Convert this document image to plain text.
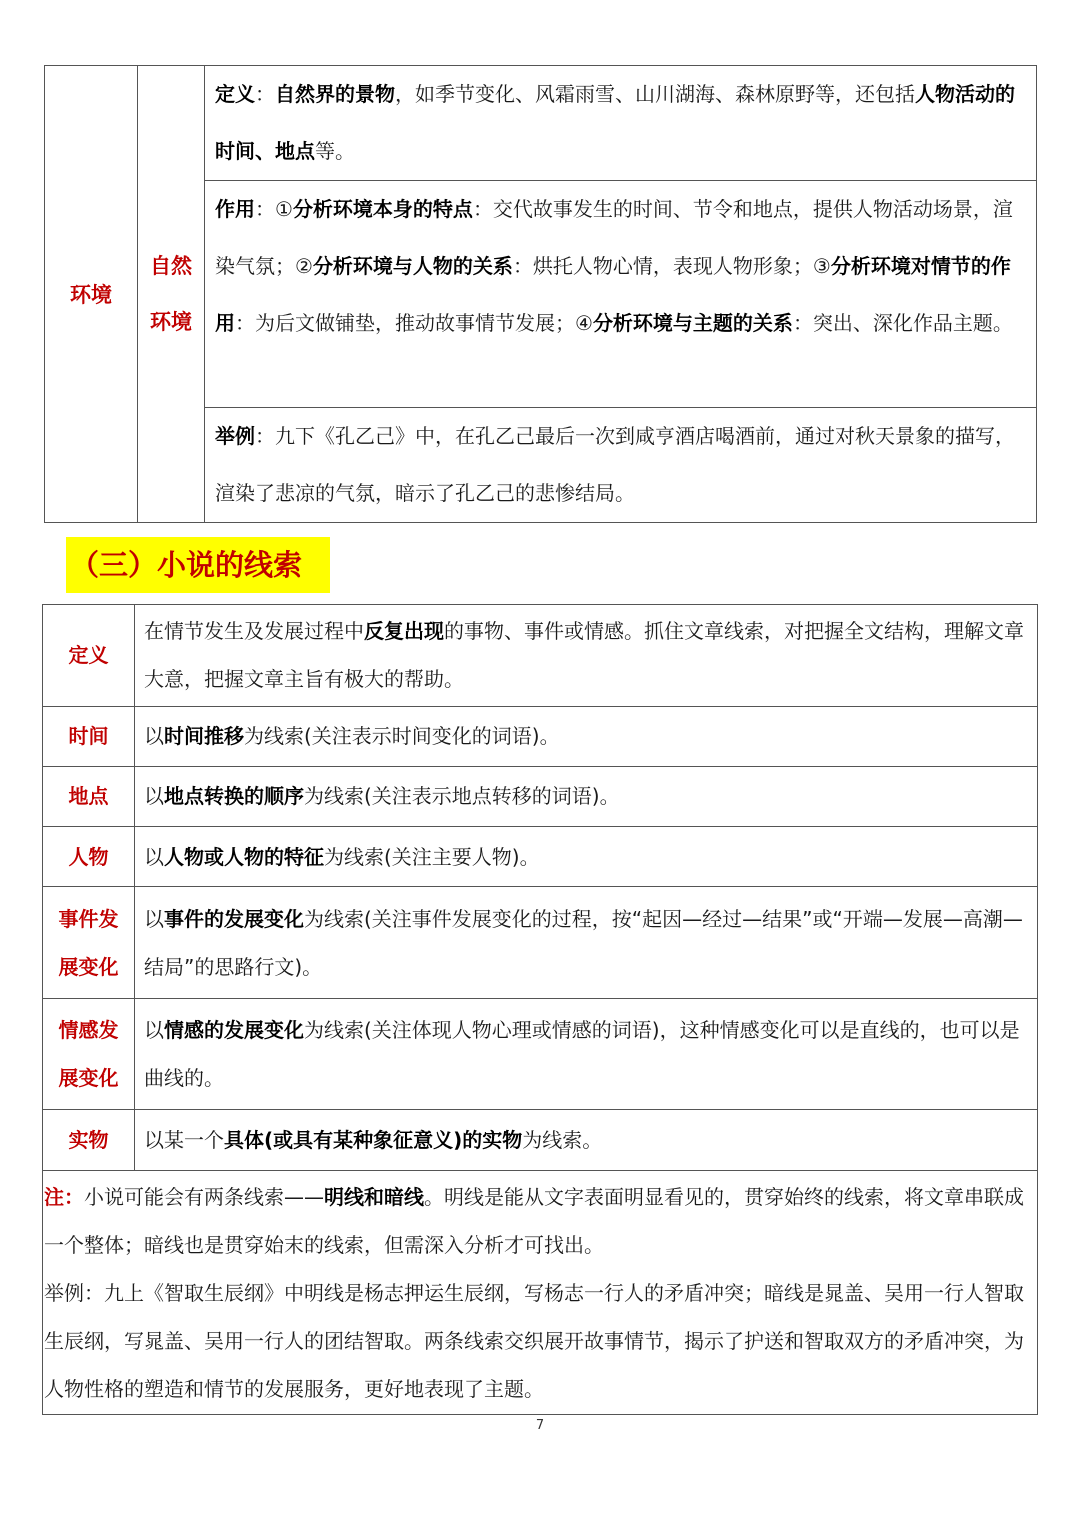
环境	自然环境	定义：自然界的景物，如季节变化、风霜雨雪、山川湖海、森林原野等，还包括人物活动的时间、地点等。
作用：①分析环境本身的特点：交代故事发生的时间、节令和地点，提供人物活动场景，渲染气氛；②分析环境与人物的关系：烘托人物心情，表现人物形象；③分析环境对情节的作用：为后文做铺垫，推动故事情节发展；④分析环境与主题的关系：突出、深化作品主题。
举例：九下《孔乙己》中，在孔乙己最后一次到咸亨酒店喝酒前，通过对秋天景象的描写，渲染了悲凉的气氛，暗示了孔乙己的悲惨结局。
（三）小说的线索
定义	在情节发生及发展过程中反复出现的事物、事件或情感。抓住文章线索，对把握全文结构，理解文章大意，把握文章主旨有极大的帮助。
时间	以时间推移为线索(关注表示时间变化的词语)。
地点	以地点转换的顺序为线索(关注表示地点转移的词语)。
人物	以人物或人物的特征为线索(关注主要人物)。
事件发展变化	以事件的发展变化为线索(关注事件发展变化的过程，按“起因—经过—结果”或“开端—发展—高潮—结局”的思路行文)。
情感发展变化	以情感的发展变化为线索(关注体现人物心理或情感的词语)，这种情感变化可以是直线的，也可以是曲线的。
实物	以某一个具体(或具有某种象征意义)的实物为线索。
注：小说可能会有两条线索——明线和暗线。明线是能从文字表面明显看见的，贯穿始终的线索，将文章串联成一个整体；暗线也是贯穿始末的线索，但需深入分析才可找出。
举例：九上《智取生辰纲》中明线是杨志押运生辰纲，写杨志一行人的矛盾冲突；暗线是晁盖、吴用一行人智取生辰纲，写晁盖、吴用一行人的团结智取。两条线索交织展开故事情节，揭示了护送和智取双方的矛盾冲突，为人物性格的塑造和情节的发展服务，更好地表现了主题。	
7
